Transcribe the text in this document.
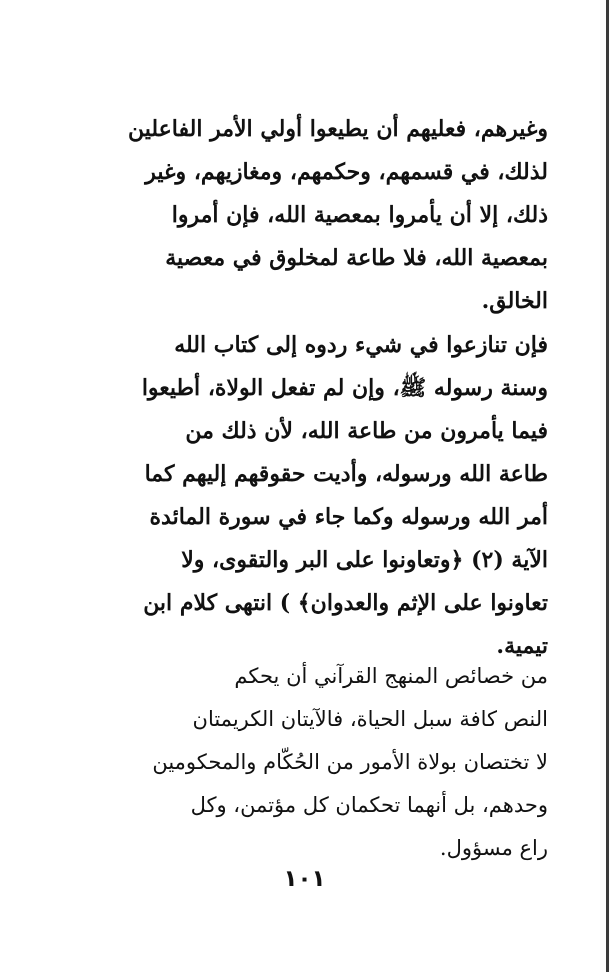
وغيرهم، فعليهم أن يطيعوا أولي الأمر الفاعلين
لذلك، في قسمهم، وحكمهم، ومغازيهم، وغير
ذلك، إلا أن يأمروا بمعصية الله، فإن أمروا
بمعصية الله، فلا طاعة لمخلوق في معصية
الخالق.
فإن تنازعوا في شيء ردوه إلى كتاب الله
وسنة رسوله ﷺ، وإن لم تفعل الولاة، أطيعوا
فيما يأمرون من طاعة الله، لأن ذلك من
طاعة الله ورسوله، وأديت حقوقهم إليهم كما
أمر الله ورسوله وكما جاء في سورة المائدة
الآية (٢) ﴿وتعاونوا على البر والتقوى، ولا
تعاونوا على الإثم والعدوان﴾ ) انتهى كلام ابن
تيمية.
من خصائص المنهج القرآني أن يحكم
النص كافة سبل الحياة، فالآيتان الكريمتان
لا تختصان بولاة الأمور من الحُكّام والمحكومين
وحدهم، بل أنهما تحكمان كل مؤتمن، وكل
راع مسؤول.
١٠١
